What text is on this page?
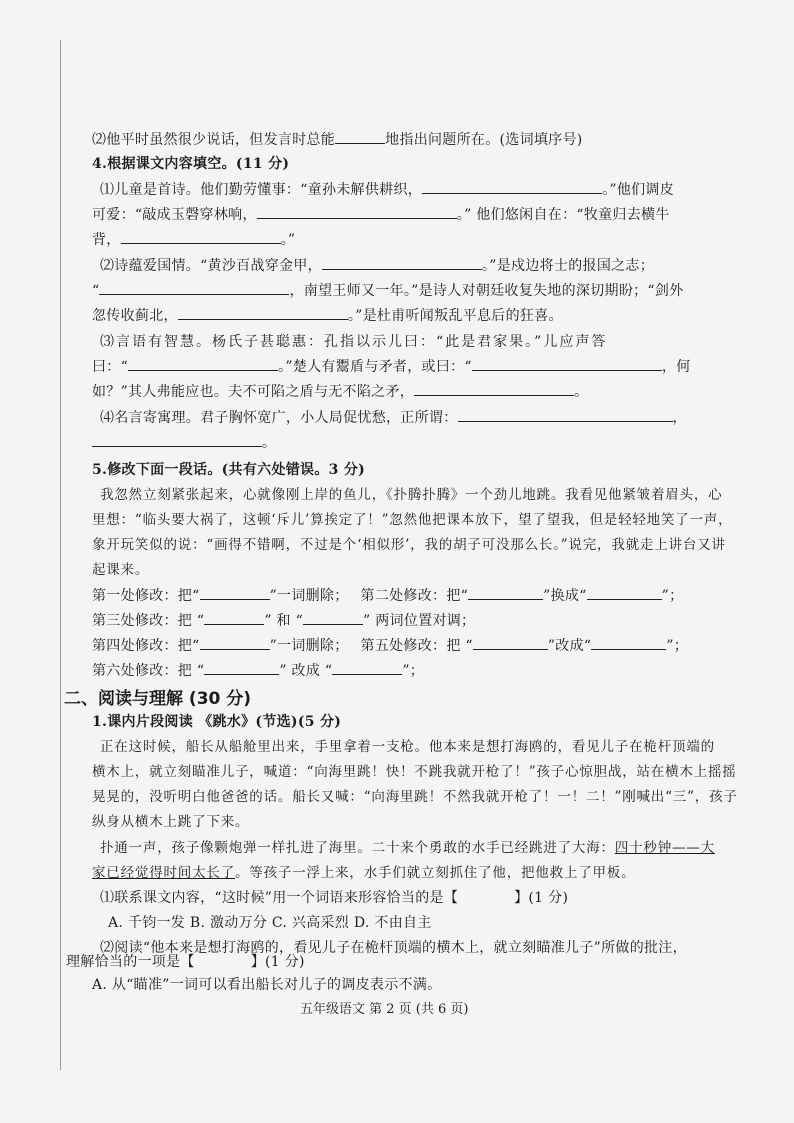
⑵他平时虽然很少说话，但发言时总能	地指出问题所在。(选词填序号)
4.根据课文内容填空。(11 分)
⑴儿童是首诗。他们勤劳懂事：“童孙未解供耕织，	。”他们调皮
可爱：“敲成玉磬穿林响，	。” 他们悠闲自在：“牧童归去横牛
背，	。”
⑵诗蕴爱国情。“黄沙百战穿金甲，	。”是戍边将士的报国之志；
“	，南望王师又一年。”是诗人对朝廷收复失地的深切期盼；“剑外
忽传收蓟北，	。”是杜甫听闻叛乱平息后的狂喜。
⑶言语有智慧。杨氏子甚聪惠：孔指以示儿曰：“此是君家果。”儿应声答
曰：“	。”楚人有鬻盾与矛者，或曰：“	，何
如？”其人弗能应也。夫不可陷之盾与无不陷之矛，	。
⑷名言寄寓理。君子胸怀宽广，小人局促忧愁，正所谓：	，
。
5.修改下面一段话。(共有六处错误。3 分)
我忽然立刻紧张起来，心就像刚上岸的鱼儿，《扑腾扑腾》一个劲儿地跳。我看见他紧皱着眉头，心
里想：“临头要大祸了，这顿‘斥儿’算挨定了！”忽然他把课本放下，望了望我，但是轻轻地笑了一声，
象开玩笑似的说：“画得不错啊，不过是个‘相似形’，我的胡子可没那么长。”说完，我就走上讲台又讲
起课来。
第一处修改：把“	”一词删除； 第二处修改：把“	”换成“	”；
第三处修改：把 “	” 和 “	” 两词位置对调；
第四处修改：把“	”一词删除； 第五处修改：把 “	”改成“	”；
第六处修改：把 “	” 改成 “	”；
二、阅读与理解 (30 分)
1.课内片段阅读 《跳水》(节选)(5 分)
正在这时候，船长从船舱里出来，手里拿着一支枪。他本来是想打海鸥的，看见儿子在桅杆顶端的
横木上，就立刻瞄准儿子，喊道：“向海里跳！快！不跳我就开枪了！”孩子心惊胆战，站在横木上摇摇
晃晃的，没听明白他爸爸的话。船长又喊：“向海里跳！不然我就开枪了！一！二！”刚喊出“三”，孩子
纵身从横木上跳了下来。
扑通一声，孩子像颗炮弹一样扎进了海里。二十来个勇敢的水手已经跳进了大海：四十秒钟——大
家已经觉得时间太长了。等孩子一浮上来，水手们就立刻抓住了他，把他救上了甲板。
⑴联系课文内容，“这时候”用一个词语来形容恰当的是【	】(1 分)
A. 千钧一发 B. 激动万分 C. 兴高采烈 D. 不由自主
⑵阅读“他本来是想打海鸥的，看见儿子在桅杆顶端的横木上，就立刻瞄准儿子”所做的批注，
理解恰当的一项是【	】(1 分)
A. 从“瞄准”一词可以看出船长对儿子的调皮表示不满。
五年级语文 第 2 页 (共 6 页)
